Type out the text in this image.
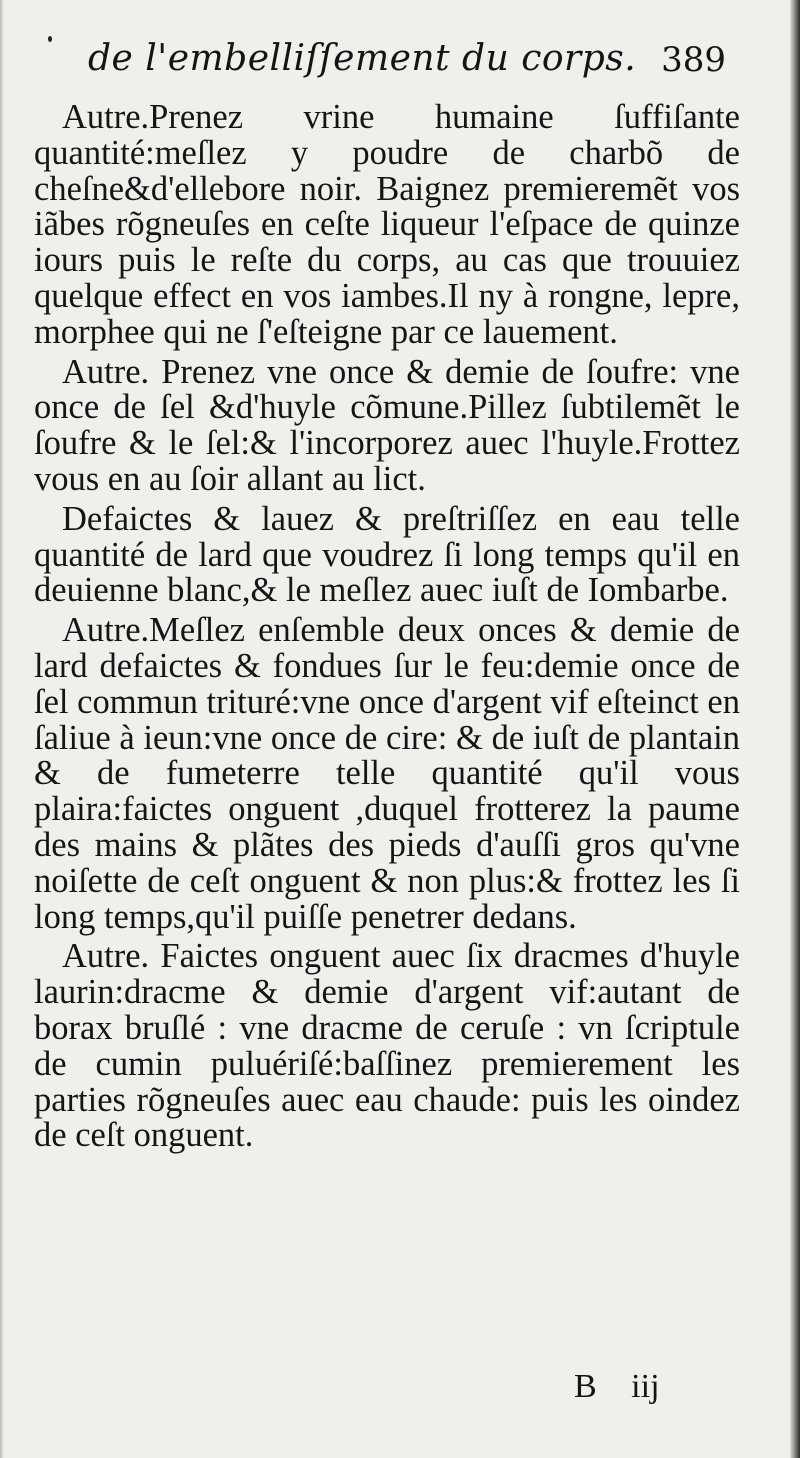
de l'embelliſſement du corps. 389

Autre.Prenez vrine humaine ſuffiſante quantité:meſlez y poudre de charbõ de cheſne&d'ellebore noir. Baignez premieremẽt vos iãbes rõgneuſes en ceſte liqueur l'eſpace de quinze iours puis le reſte du corps, au cas que trouuiez quelque effect en vos iambes.Il ny à rongne, lepre, morphee qui ne ſ'eſteigne par ce lauement.

Autre. Prenez vne once & demie de ſoufre: vne once de ſel &d'huyle cõmune.Pillez ſubtilemẽt le ſoufre & le ſel:& l'incorporez auec l'huyle.Frottez vous en au ſoir allant au lict.

Defaictes & lauez & preſtriſſez en eau telle quantité de lard que voudrez ſi long temps qu'il en deuienne blanc,& le meſlez auec iuſt de Iombarbe.

Autre.Meſlez enſemble deux onces & demie de lard defaictes & fondues ſur le feu:demie once de ſel commun trituré:vne once d'argent vif eſteinct en ſaliue à ieun:vne once de cire: & de iuſt de plantain & de fumeterre telle quantité qu'il vous plaira:faictes onguent ,duquel frotterez la paume des mains & plãtes des pieds d'auſſi gros qu'vne noiſette de ceſt onguent & non plus:& frottez les ſi long temps,qu'il puiſſe penetrer dedans.

Autre. Faictes onguent auec ſix dracmes d'huyle laurin:dracme & demie d'argent vif:autant de borax bruſlé : vne dracme de ceruſe : vn ſcriptule de cumin puluériſé:baſſinez premierement les parties rõgneuſes auec eau chaude: puis les oindez de ceſt onguent.

B iij
